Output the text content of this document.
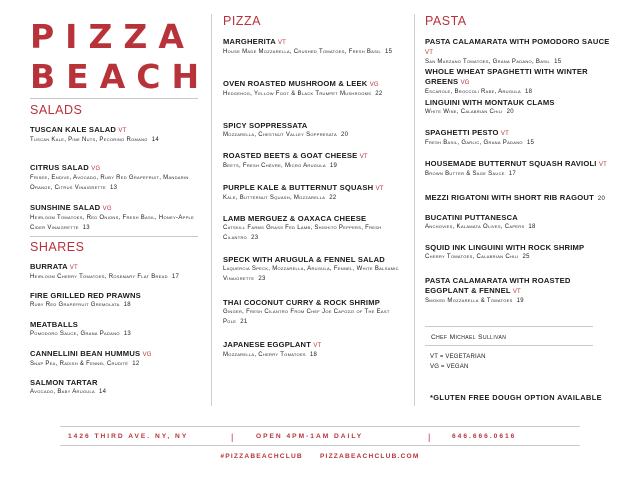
PIZZA
BEACH
SALADS
TUSCAN KALE SALAD VT
Tuscan Kale, Pine Nuts, Pecorino Romano 14
CITRUS SALAD VG
Frisee, Endive, Avocado, Ruby Red Grapefruit, Mandarin Orange, Citrus Vinaigrette 13
SUNSHINE SALAD VG
Heirloom Tomatoes, Red Onions, Fresh Basil, Honey-Apple Cider Vinaigrette 13
SHARES
BURRATA VT
Heirloom Cherry Tomatoes, Rosemary Flat Bread 17
FIRE GRILLED RED PRAWNS
Ruby Red Grapefruit Gremolata 18
MEATBALLS
Pomodoro Sauce, Grana Padano 13
CANNELLINI BEAN HUMMUS VG
Snap Pea, Radish & Fennel Crudité 12
SALMON TARTAR
Avocado, Baby Arugula 14
PIZZA
MARGHERITA VT
House Made Mozzarella, Crushed Tomatoes, Fresh Basil 15
OVEN ROASTED MUSHROOM & LEEK VG
Hedgehog, Yellow Foot & Black Trumpet Mushrooms 22
SPICY SOPPRESSATA
Mozzarella, Chestnut Valley Soppresata 20
ROASTED BEETS & GOAT CHEESE VT
Beets, Fresh Chèvre, Micro Arugula 19
PURPLE KALE & BUTTERNUT SQUASH VT
Kale, Butternut Squash, Mozzarella 22
LAMB MERGUEZ & OAXACA CHEESE
Catskill Farms Grass Fed Lamb, Shishito Peppers, Fresh Cilantro 23
SPECK WITH ARUGULA & FENNEL SALAD
Laquercia Speck, Mozzarella, Arugula, Fennel, White Balsamic Vinaigrette 23
THAI COCONUT CURRY & ROCK SHRIMP
Ginger, Fresh Cilantro From Chef Joe Capozzi of The East Pole 21
JAPANESE EGGPLANT VT
Mozzarella, Cherry Tomatoes 18
PASTA
PASTA CALAMARATA WITH POMODORO SAUCE VT
San Marzano Tomatoes, Grana Padano, Basil 15
WHOLE WHEAT SPAGHETTI WITH WINTER GREENS VG
Escarole, Broccoli Rabe, Arugula 18
LINGUINI WITH MONTAUK CLAMS
White Wine, Calabrian Chili 20
SPAGHETTI PESTO VT
Fresh Basil, Garlic, Grana Padano 15
HOUSEMADE BUTTERNUT SQUASH RAVIOLI VT
Brown Butter & Sage Sauce 17
MEZZI RIGATONI WITH SHORT RIB RAGOUT 20
BUCATINI PUTTANESCA
Anchovies, Kalamata Olives, Capers 18
SQUID INK LINGUINI WITH ROCK SHRIMP
Cherry Tomatoes, Calabrian Chili 25
PASTA CALAMARATA WITH ROASTED EGGPLANT & FENNEL VT
Smoked Mozzarella & Tomatoes 19
Chef Michael Sullivan
VT = VEGETARIAN
VG = VEGAN
*GLUTEN FREE DOUGH OPTION AVAILABLE
1426 THIRD AVE. NY, NY	|	OPEN 4PM-1AM DAILY	|	646.666.0616
#PIZZABEACHCLUB	PIZZABEACHCLUB.COM
